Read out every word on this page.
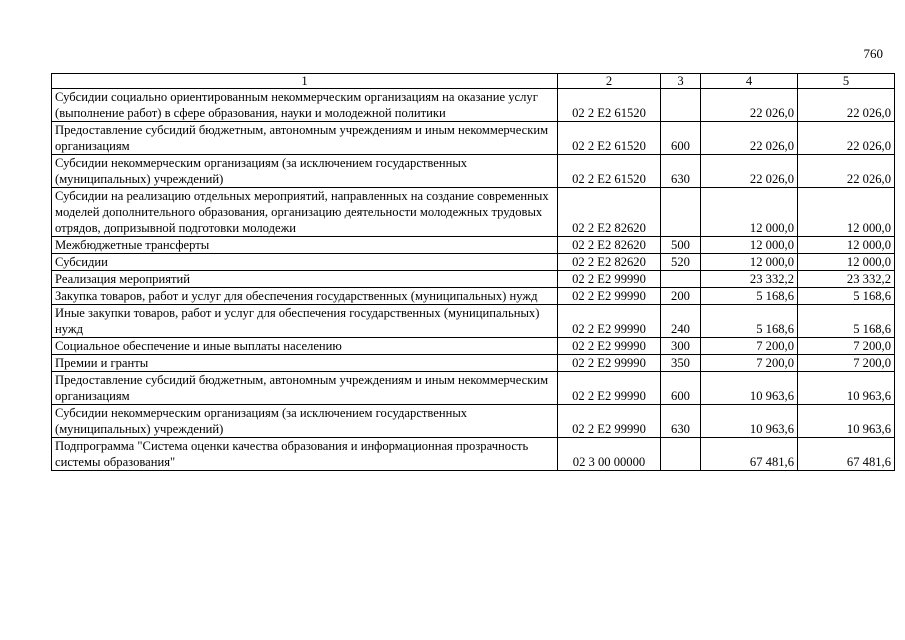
760
1	2	3	4	5
Субсидии социально ориентированным некоммерческим организациям на оказание услуг (выполнение работ) в сфере образования, науки и молодежной политики	02 2 E2 61520		22 026,0	22 026,0
Предоставление субсидий бюджетным, автономным учреждениям и иным некоммерческим организациям	02 2 E2 61520	600	22 026,0	22 026,0
Субсидии некоммерческим организациям (за исключением государственных (муниципальных) учреждений)	02 2 E2 61520	630	22 026,0	22 026,0
Субсидии на реализацию отдельных мероприятий, направленных на создание современных моделей дополнительного образования, организацию деятельности молодежных трудовых отрядов, допризывной подготовки молодежи	02 2 E2 82620		12 000,0	12 000,0
Межбюджетные трансферты	02 2 E2 82620	500	12 000,0	12 000,0
Субсидии	02 2 E2 82620	520	12 000,0	12 000,0
Реализация мероприятий	02 2 E2 99990		23 332,2	23 332,2
Закупка товаров, работ и услуг для обеспечения государственных (муниципальных) нужд	02 2 E2 99990	200	5 168,6	5 168,6
Иные закупки товаров, работ и услуг для обеспечения государственных (муниципальных) нужд	02 2 E2 99990	240	5 168,6	5 168,6
Социальное обеспечение и иные выплаты населению	02 2 E2 99990	300	7 200,0	7 200,0
Премии и гранты	02 2 E2 99990	350	7 200,0	7 200,0
Предоставление субсидий бюджетным, автономным учреждениям и иным некоммерческим организациям	02 2 E2 99990	600	10 963,6	10 963,6
Субсидии некоммерческим организациям (за исключением государственных (муниципальных) учреждений)	02 2 E2 99990	630	10 963,6	10 963,6
Подпрограмма "Система оценки качества образования и информационная прозрачность системы образования"	02 3 00 00000		67 481,6	67 481,6
